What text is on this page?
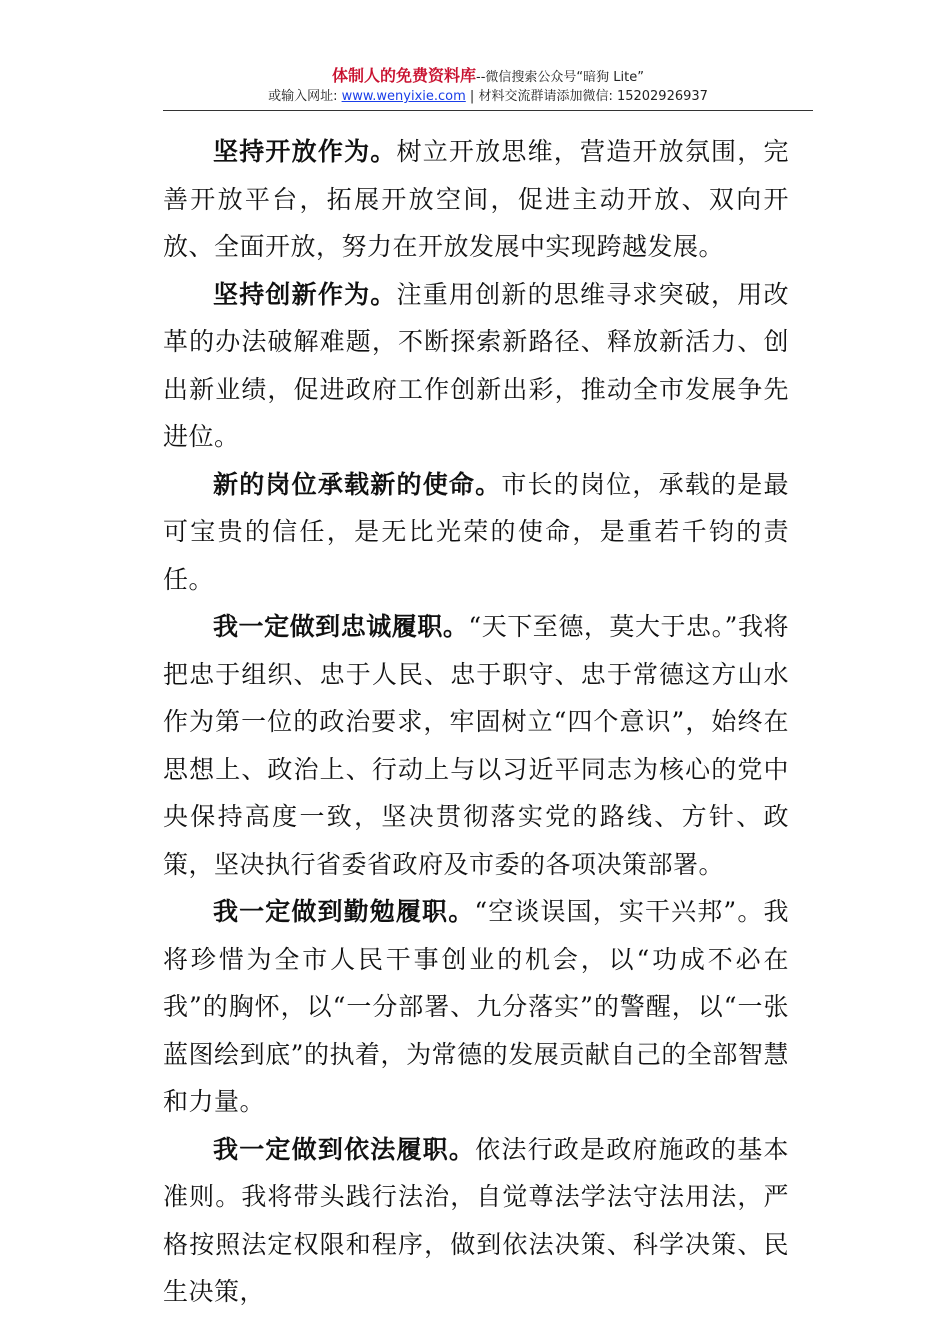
体制人的免费资料库--微信搜索公众号“暗狗 Lite”
或输入网址: www.wenyixie.com | 材料交流群请添加微信: 15202926937

坚持开放作为。树立开放思维，营造开放氛围，完善开放平台，拓展开放空间，促进主动开放、双向开放、全面开放，努力在开放发展中实现跨越发展。

坚持创新作为。注重用创新的思维寻求突破，用改革的办法破解难题，不断探索新路径、释放新活力、创出新业绩，促进政府工作创新出彩，推动全市发展争先进位。

新的岗位承载新的使命。市长的岗位，承载的是最可宝贵的信任，是无比光荣的使命，是重若千钧的责任。

我一定做到忠诚履职。“天下至德，莫大于忠。”我将把忠于组织、忠于人民、忠于职守、忠于常德这方山水作为第一位的政治要求，牢固树立“四个意识”，始终在思想上、政治上、行动上与以习近平同志为核心的党中央保持高度一致，坚决贯彻落实党的路线、方针、政策，坚决执行省委省政府及市委的各项决策部署。

我一定做到勤勉履职。“空谈误国，实干兴邦”。我将珍惜为全市人民干事创业的机会，以“功成不必在我”的胸怀，以“一分部署、九分落实”的警醒，以“一张蓝图绘到底”的执着，为常德的发展贡献自己的全部智慧和力量。

我一定做到依法履职。依法行政是政府施政的基本准则。我将带头践行法治，自觉尊法学法守法用法，严格按照法定权限和程序，做到依法决策、科学决策、民生决策，
